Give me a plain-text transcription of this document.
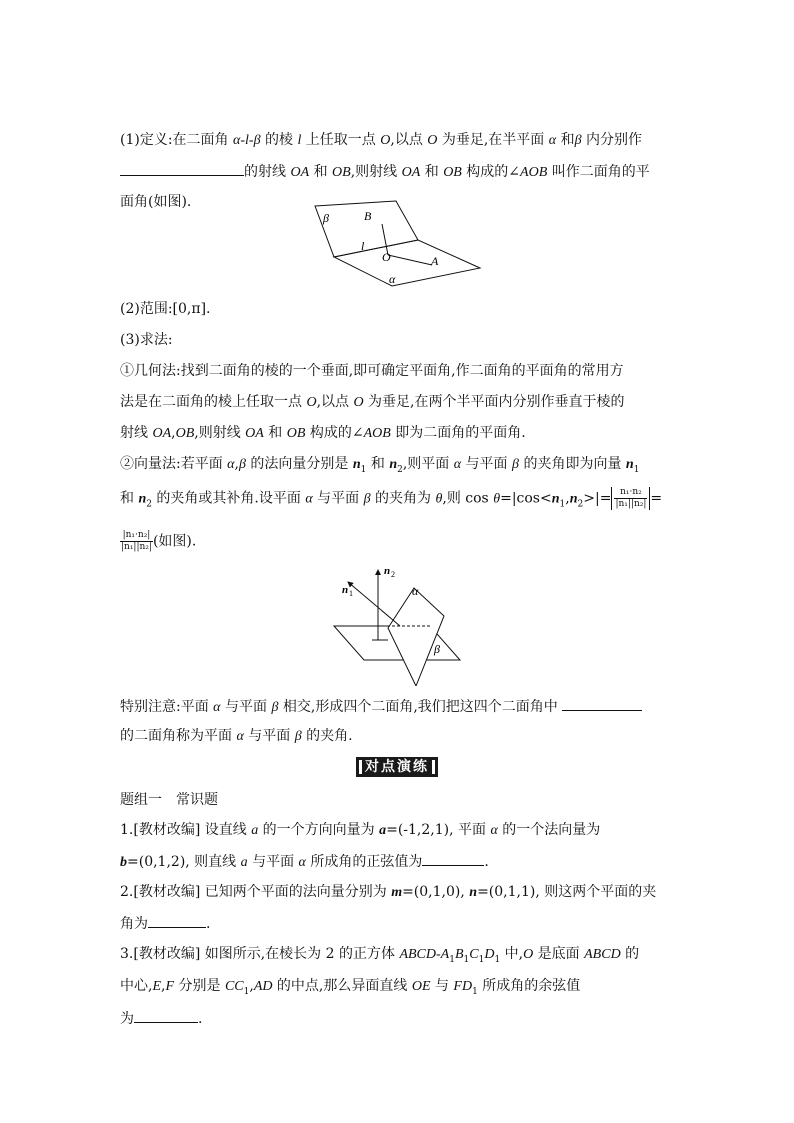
(1)定义:在二面角 α-l-β 的棱 l 上任取一点 O,以点 O 为垂足,在半平面 α 和β 内分别作
的射线 OA 和 OB,则射线 OA 和 OB 构成的∠AOB 叫作二面角的平
面角(如图).
β	B
l
O	A
α
(2)范围:[0,π].
(3)求法:
①几何法:找到二面角的棱的一个垂面,即可确定平面角,作二面角的平面角的常用方
法是在二面角的棱上任取一点 O,以点 O 为垂足,在两个半平面内分别作垂直于棱的
射线 OA,OB,则射线 OA 和 OB 构成的∠AOB 即为二面角的平面角.
②向量法:若平面 α,β 的法向量分别是 $n_1$ 和 $n_2$,则平面 α 与平面 β 的夹角即为向量 $n_1$
和 $n_2$ 的夹角或其补角.设平面 α 与平面 β 的夹角为 θ,则 $\cos \theta=|\cos<n_1,n_2>|= \frac{\text{n₁·n₂}}{\text{|n₁||n₂|}}$ =
$\frac{\text{|n₁·n₂|}}{\text{|n₁||n₂|}}$ (如图).
n 2
n 1	α
β
特别注意:平面 α 与平面 β 相交,形成四个二面角,我们把这四个二面角中
的二面角称为平面 α 与平面 β 的夹角.
对点演练
题组一　常识题
1.[教材改编] 设直线 a 的一个方向向量为 a=(-1,2,1), 平面 α 的一个法向量为
b=(0,1,2), 则直线 a 与平面 α 所成角的正弦值为	.
2.[教材改编] 已知两个平面的法向量分别为 m=(0,1,0), n=(0,1,1), 则这两个平面的夹
角为	.
3.[教材改编] 如图所示,在棱长为 2 的正方体 ABCD-$A_1B_1C_1D_1$ 中,O 是底面 ABCD 的
中心,E,F 分别是 $CC_1,AD$ 的中点,那么异面直线 OE 与 $FD_1$ 所成角的余弦值
为	.
